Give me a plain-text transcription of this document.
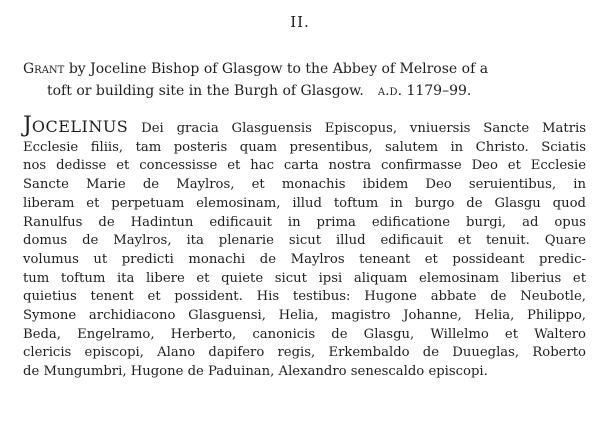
II.
Grant by Joceline Bishop of Glasgow to the Abbey of Melrose of a
toft or building site in the Burgh of Glasgow. a.d. 1179–99.
JOCELINUS Dei gracia Glasguensis Episcopus, vniuersis Sancte Matris
Ecclesie filiis, tam posteris quam presentibus, salutem in Christo. Sciatis
nos dedisse et concessisse et hac carta nostra confirmasse Deo et Ecclesie
Sancte Marie de Maylros, et monachis ibidem Deo seruientibus, in
liberam et perpetuam elemosinam, illud toftum in burgo de Glasgu quod
Ranulfus de Hadintun edificauit in prima edificatione burgi, ad opus
domus de Maylros, ita plenarie sicut illud edificauit et tenuit. Quare
volumus ut predicti monachi de Maylros teneant et possideant predic-
tum toftum ita libere et quiete sicut ipsi aliquam elemosinam liberius et
quietius tenent et possident. His testibus: Hugone abbate de Neubotle,
Symone archidiacono Glasguensi, Helia, magistro Johanne, Helia, Philippo,
Beda, Engelramo, Herberto, canonicis de Glasgu, Willelmo et Waltero
clericis episcopi, Alano dapifero regis, Erkembaldo de Duueglas, Roberto
de Mungumbri, Hugone de Paduinan, Alexandro senescaldo episcopi.
